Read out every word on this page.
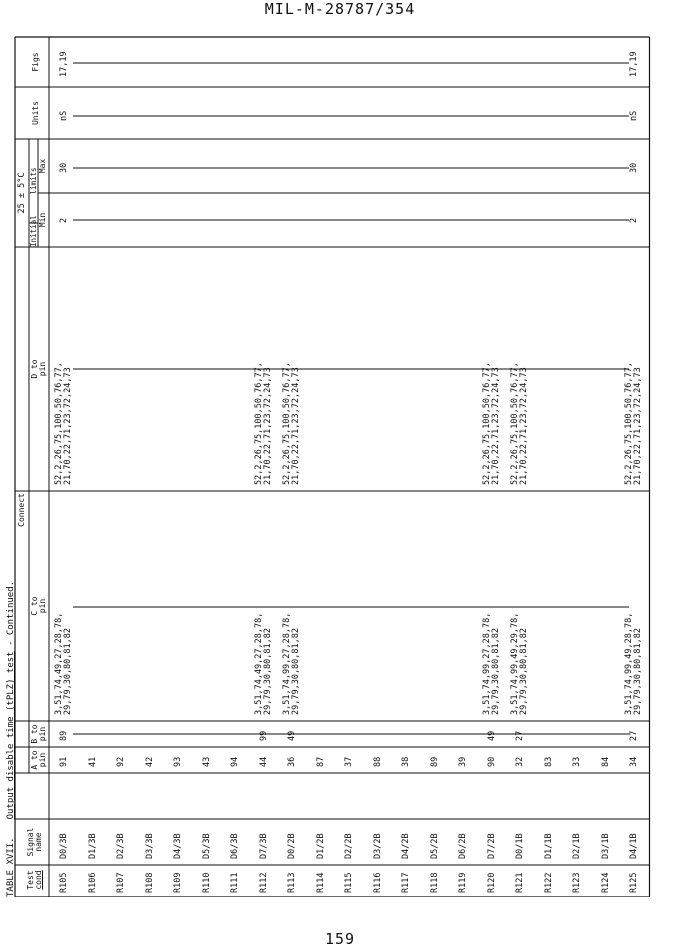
MIL-M-28787/354
TABLE XVII.Output disable time (tPLZ) test - Continued.
Test cond
Signal name
Connect
A to pin
B to pin
C to pin
D to pin
25 ± 5°C
Initial
limits
Min
Max
Units
Figs
R105
D0/3B
91
89
3,51,74,49,27,28,78, 29,79,30,80,81,82
52,2,26,75,100,50,76,77, 21,70,22,71,23,72,24,73
2
30
nS
17,19
R106
D1/3B
41
R107
D2/3B
92
R108
D3/3B
42
R109
D4/3B
93
R110
D5/3B
43
R111
D6/3B
94
R112
D7/3B
44
99
3,51,74,49,27,28,78, 29,79,30,80,81,82
52,2,26,75,100,50,76,77, 21,70,22,71,23,72,24,73
R113
D0/2B
36
49
3,51,74,99,27,28,78, 29,79,30,80,81,82
52,2,26,75,100,50,76,77, 21,70,22,71,23,72,24,73
R114
D1/2B
87
R115
D2/2B
37
R116
D3/2B
88
R117
D4/2B
38
R118
D5/2B
89
R119
D6/2B
39
R120
D7/2B
90
49
3,51,74,99,27,28,78, 29,79,30,80,81,82
52,2,26,75,100,50,76,77, 21,70,22,71,23,72,24,73
R121
D0/1B
32
27
3,51,74,99,49,29,78, 29,79,30,80,81,82
52,2,26,75,100,50,76,77, 21,70,22,71,23,72,24,73
R122
D1/1B
83
R123
D2/1B
33
R124
D3/1B
84
R125
D4/1B
34
27
3,51,74,99,49,28,78, 29,79,30,80,81,82
52,2,26,75,100,50,76,77, 21,70,22,71,23,72,24,73
2
30
nS
17,19
159
